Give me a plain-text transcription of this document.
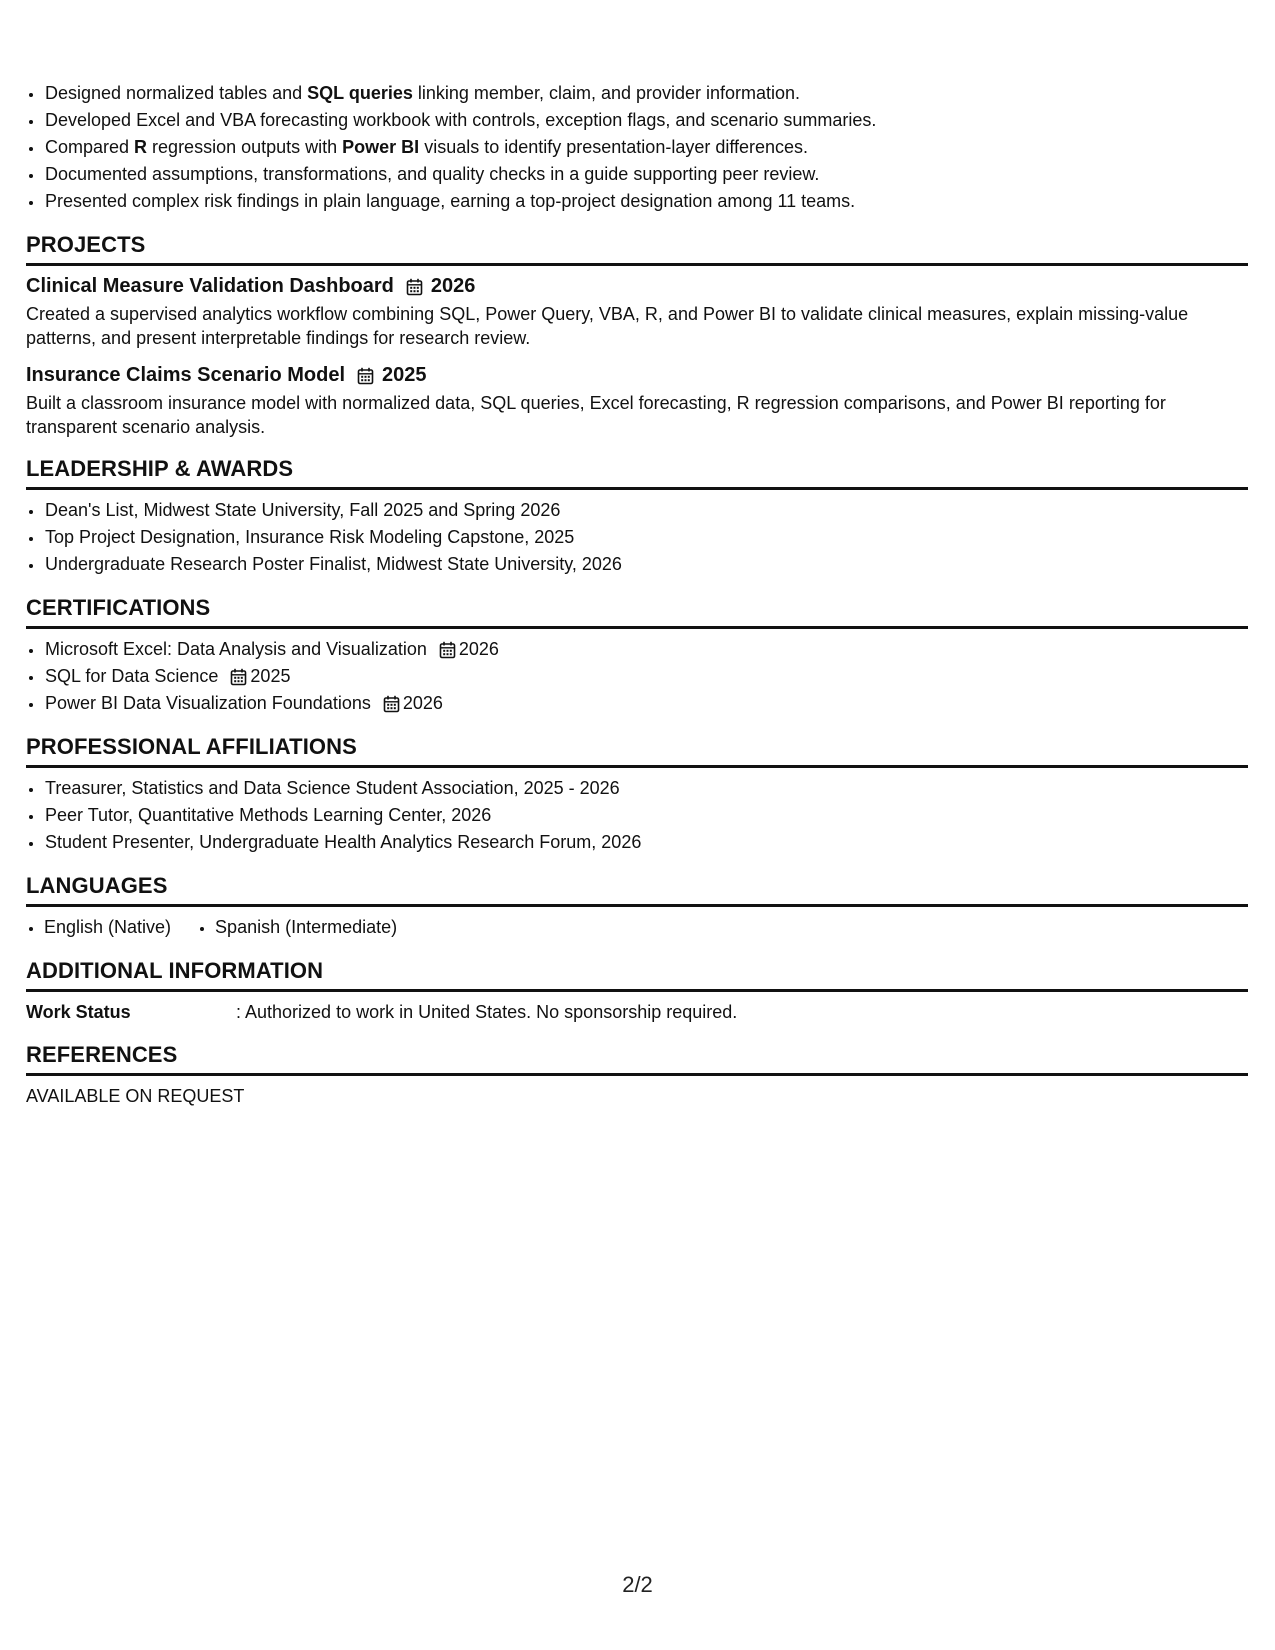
• Designed normalized tables and SQL queries linking member, claim, and provider information.
• Developed Excel and VBA forecasting workbook with controls, exception flags, and scenario summaries.
• Compared R regression outputs with Power BI visuals to identify presentation-layer differences.
• Documented assumptions, transformations, and quality checks in a guide supporting peer review.
• Presented complex risk findings in plain language, earning a top-project designation among 11 teams.
PROJECTS
Clinical Measure Validation Dashboard 2026
Created a supervised analytics workflow combining SQL, Power Query, VBA, R, and Power BI to validate clinical measures, explain missing-value patterns, and present interpretable findings for research review.
Insurance Claims Scenario Model 2025
Built a classroom insurance model with normalized data, SQL queries, Excel forecasting, R regression comparisons, and Power BI reporting for transparent scenario analysis.
LEADERSHIP & AWARDS
• Dean's List, Midwest State University, Fall 2025 and Spring 2026
• Top Project Designation, Insurance Risk Modeling Capstone, 2025
• Undergraduate Research Poster Finalist, Midwest State University, 2026
CERTIFICATIONS
• Microsoft Excel: Data Analysis and Visualization 2026
• SQL for Data Science 2025
• Power BI Data Visualization Foundations 2026
PROFESSIONAL AFFILIATIONS
• Treasurer, Statistics and Data Science Student Association, 2025 - 2026
• Peer Tutor, Quantitative Methods Learning Center, 2026
• Student Presenter, Undergraduate Health Analytics Research Forum, 2026
LANGUAGES
• English (Native)
• Spanish (Intermediate)
ADDITIONAL INFORMATION
Work Status	: Authorized to work in United States. No sponsorship required.
REFERENCES
AVAILABLE ON REQUEST
2/2
